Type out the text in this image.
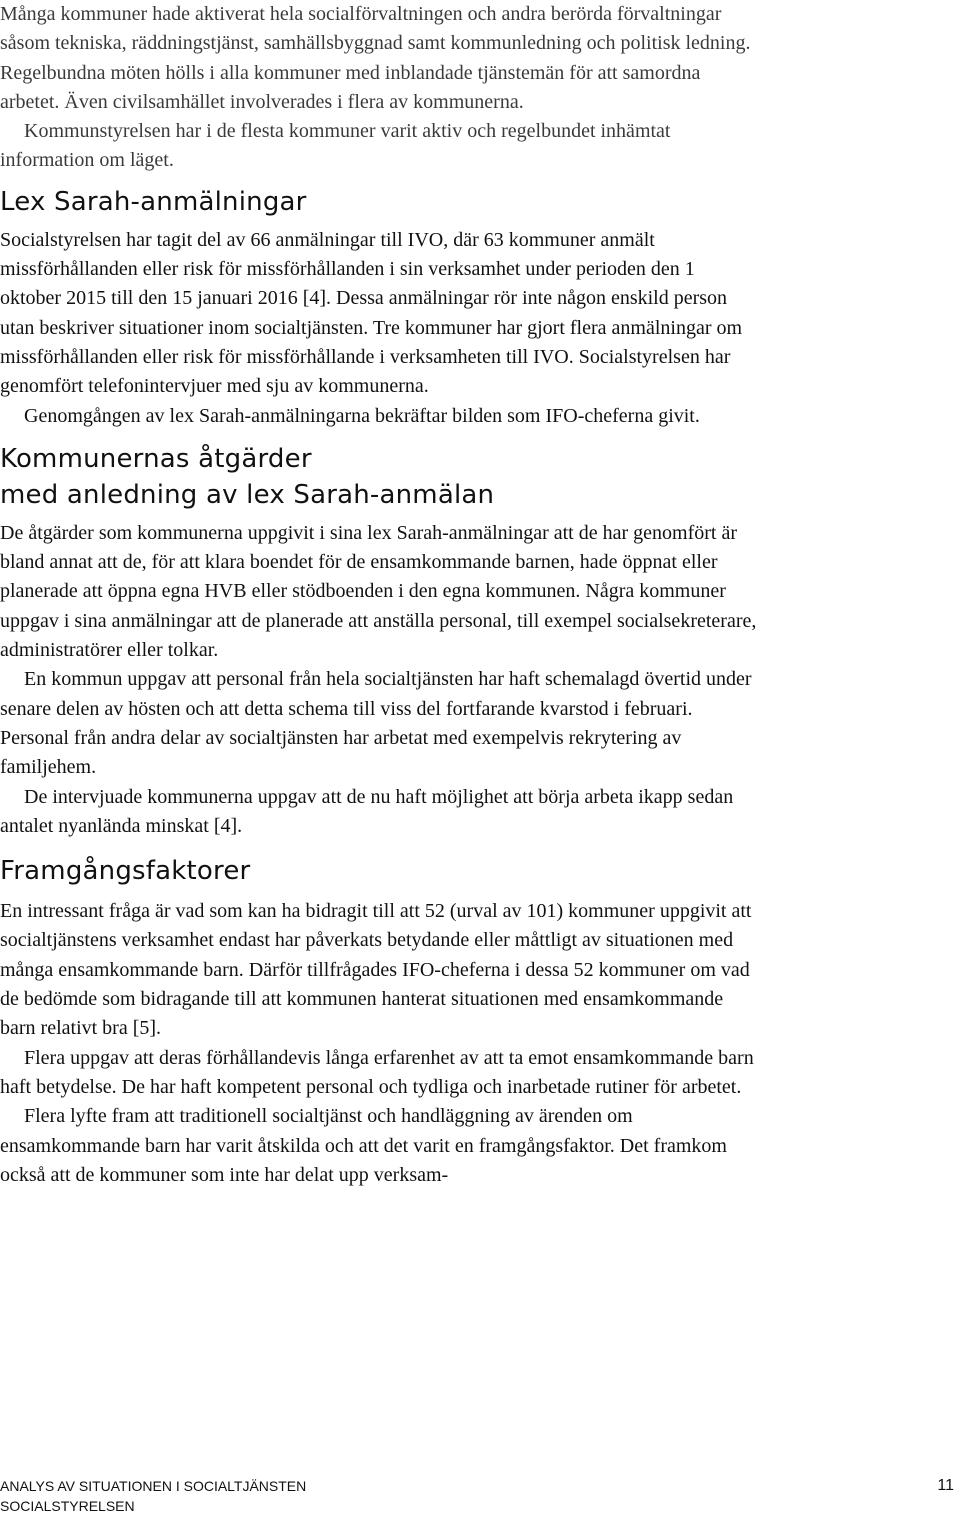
Många kommuner hade aktiverat hela socialförvaltningen och andra berörda förvaltningar såsom tekniska, räddningstjänst, samhällsbyggnad samt kommunledning och politisk ledning. Regelbundna möten hölls i alla kommuner med inblandade tjänstemän för att samordna arbetet. Även civilsamhället involverades i flera av kommunerna.

Kommunstyrelsen har i de flesta kommuner varit aktiv och regelbundet inhämtat information om läget.

Lex Sarah-anmälningar

Socialstyrelsen har tagit del av 66 anmälningar till IVO, där 63 kommuner anmält missförhållanden eller risk för missförhållanden i sin verksamhet under perioden den 1 oktober 2015 till den 15 januari 2016 [4]. Dessa anmälningar rör inte någon enskild person utan beskriver situationer inom socialtjänsten. Tre kommuner har gjort flera anmälningar om missförhållanden eller risk för missförhållande i verksamheten till IVO. Socialstyrelsen har genomfört telefonintervjuer med sju av kommunerna.

Genomgången av lex Sarah-anmälningarna bekräftar bilden som IFO-cheferna givit.

Kommunernas åtgärder
med anledning av lex Sarah-anmälan

De åtgärder som kommunerna uppgivit i sina lex Sarah-anmälningar att de har genomfört är bland annat att de, för att klara boendet för de ensamkommande barnen, hade öppnat eller planerade att öppna egna HVB eller stödboenden i den egna kommunen. Några kommuner uppgav i sina anmälningar att de planerade att anställa personal, till exempel socialsekreterare, administratörer eller tolkar.

En kommun uppgav att personal från hela socialtjänsten har haft schemalagd övertid under senare delen av hösten och att detta schema till viss del fortfarande kvarstod i februari. Personal från andra delar av socialtjänsten har arbetat med exempelvis rekrytering av familjehem.

De intervjuade kommunerna uppgav att de nu haft möjlighet att börja arbeta ikapp sedan antalet nyanlända minskat [4].

Framgångsfaktorer

En intressant fråga är vad som kan ha bidragit till att 52 (urval av 101) kommuner uppgivit att socialtjänstens verksamhet endast har påverkats betydande eller måttligt av situationen med många ensamkommande barn. Därför tillfrågades IFO-cheferna i dessa 52 kommuner om vad de bedömde som bidragande till att kommunen hanterat situationen med ensamkommande barn relativt bra [5].

Flera uppgav att deras förhållandevis långa erfarenhet av att ta emot ensamkommande barn haft betydelse. De har haft kompetent personal och tydliga och inarbetade rutiner för arbetet.

Flera lyfte fram att traditionell socialtjänst och handläggning av ärenden om ensamkommande barn har varit åtskilda och att det varit en framgångsfaktor. Det framkom också att de kommuner som inte har delat upp verksam-

ANALYS AV SITUATIONEN I SOCIALTJÄNSTEN
SOCIALSTYRELSEN
11
